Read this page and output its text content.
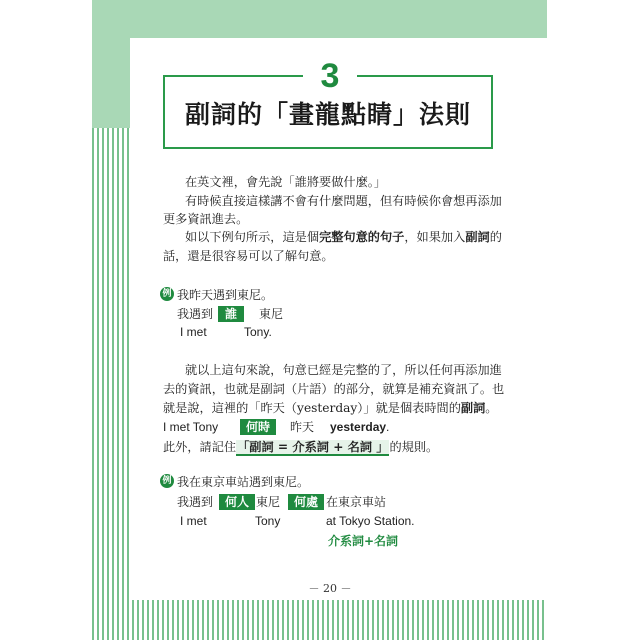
3
副詞的「畫龍點睛」法則
在英文裡，會先說「誰將要做什麼。」
有時候直接這樣講不會有什麼問題，但有時候你會想再添加
更多資訊進去。
如以下例句所示，這是個完整句意的句子，如果加入副詞的
話，還是很容易可以了解句意。
例 我昨天遇到東尼。
我遇到 誰	東尼
I met	Tony.
就以上這句來說，句意已經是完整的了，所以任何再添加進
去的資訊，也就是副詞（片語）的部分，就算是補充資訊了。也
就是說，這裡的「昨天（yesterday）」就是個表時間的副詞。
I met Tony	何時	昨天 yesterday.
此外，請記住「副詞 = 介系詞 + 名詞 」的規則。
例 我在東京車站遇到東尼。
我遇到 何人 東尼	何處 在東京車站
I met	Tony	at Tokyo Station.
介系詞+名詞
－ 20 －
